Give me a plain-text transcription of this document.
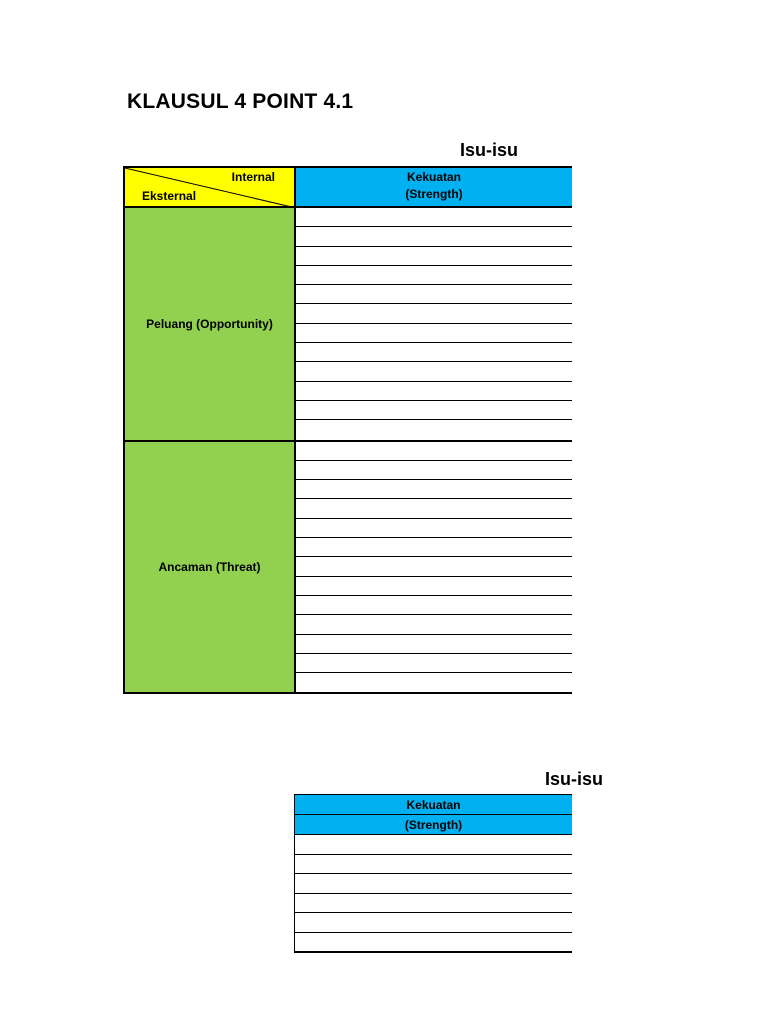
KLAUSUL 4 POINT 4.1
Isu-isu
Internal
Eksternal
Kekuatan
(Strength)
Peluang (Opportunity)
Ancaman (Threat)
Isu-isu
Kekuatan
(Strength)
